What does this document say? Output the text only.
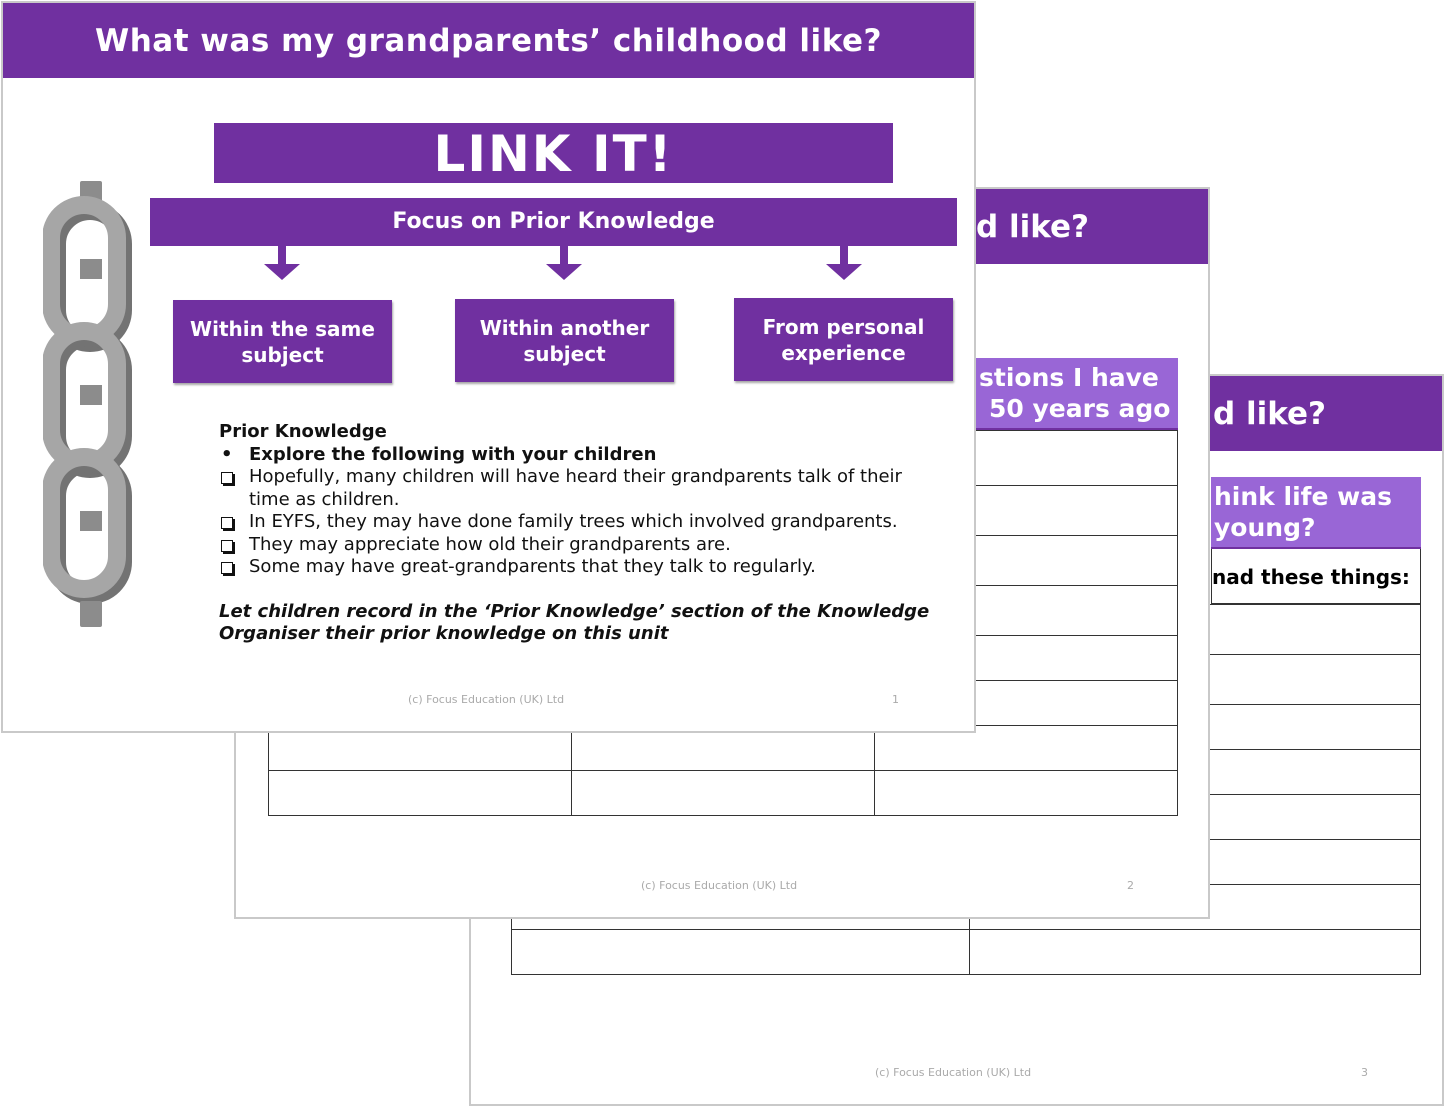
d like?
hink life was
young?
nad these things:

(c) Focus Education (UK) Ltd	3
d like?
stions I have
50 years ago

(c) Focus Education (UK) Ltd	2
What was my grandparents’ childhood like?
LINK IT!
Focus on Prior Knowledge
Within the same
subject
Within another
subject
From personal
experience
Prior Knowledge
• Explore the following with your children
Hopefully, many children will have heard their grandparents talk of their time as children.
In EYFS, they may have done family trees which involved grandparents.
They may appreciate how old their grandparents are.
Some may have great-grandparents that they talk to regularly.
Let children record in the ‘Prior Knowledge’ section of the Knowledge Organiser their prior knowledge on this unit
(c) Focus Education (UK) Ltd	1
